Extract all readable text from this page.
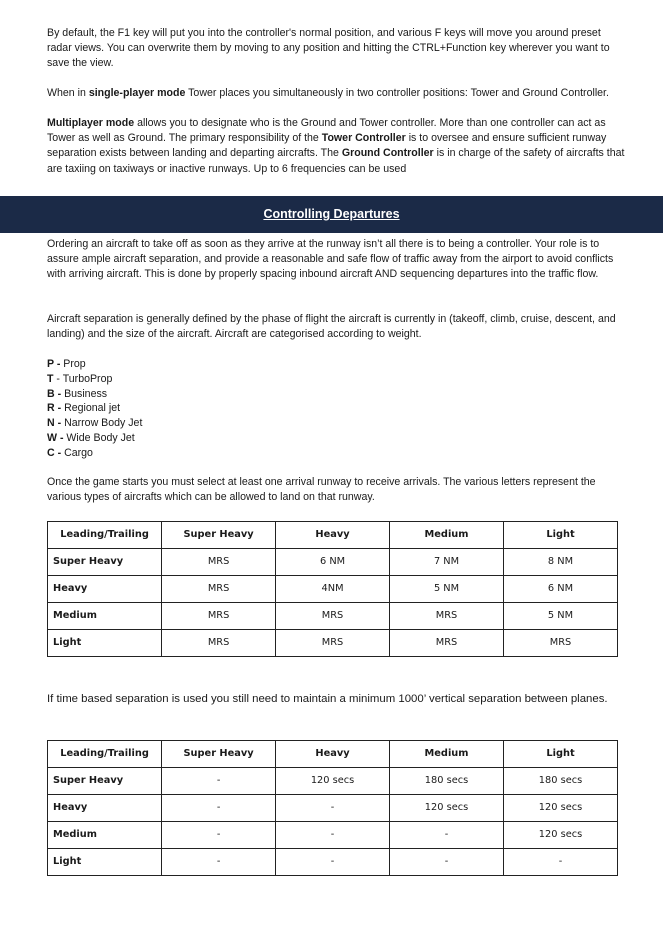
By default, the F1 key will put you into the controller's normal position, and various F keys will move you around preset radar views. You can overwrite them by moving to any position and hitting the CTRL+Function key wherever you want to save the view.

When in single-player mode Tower places you simultaneously in two controller positions: Tower and Ground Controller.

Multiplayer mode allows you to designate who is the Ground and Tower controller. More than one controller can act as Tower as well as Ground. The primary responsibility of the Tower Controller is to oversee and ensure sufficient runway separation exists between landing and departing aircrafts. The Ground Controller is in charge of the safety of aircrafts that are taxiing on taxiways or inactive runways. Up to 6 frequencies can be used

Controlling Departures

Ordering an aircraft to take off as soon as they arrive at the runway isn’t all there is to being a controller. Your role is to assure ample aircraft separation, and provide a reasonable and safe flow of traffic away from the airport to avoid conflicts with arriving aircraft. This is done by properly spacing inbound aircraft AND sequencing departures into the traffic flow.

Aircraft separation is generally defined by the phase of flight the aircraft is currently in (takeoff, climb, cruise, descent, and landing) and the size of the aircraft. Aircraft are categorised according to weight.

P - Prop
T - TurboProp
B - Business
R - Regional jet
N - Narrow Body Jet
W - Wide Body Jet
C - Cargo

Once the game starts you must select at least one arrival runway to receive arrivals. The various letters represent the various types of aircrafts which can be allowed to land on that runway.

Leading/Trailing	Super Heavy	Heavy	Medium	Light
Super Heavy	MRS	6 NM	7 NM	8 NM
Heavy	MRS	4NM	5 NM	6 NM
Medium	MRS	MRS	MRS	5 NM
Light	MRS	MRS	MRS	MRS

If time based separation is used you still need to maintain a minimum 1000’ vertical separation between planes.

Leading/Trailing	Super Heavy	Heavy	Medium	Light
Super Heavy	-	120 secs	180 secs	180 secs
Heavy	-	-	120 secs	120 secs
Medium	-	-	-	120 secs
Light	-	-	-	-
